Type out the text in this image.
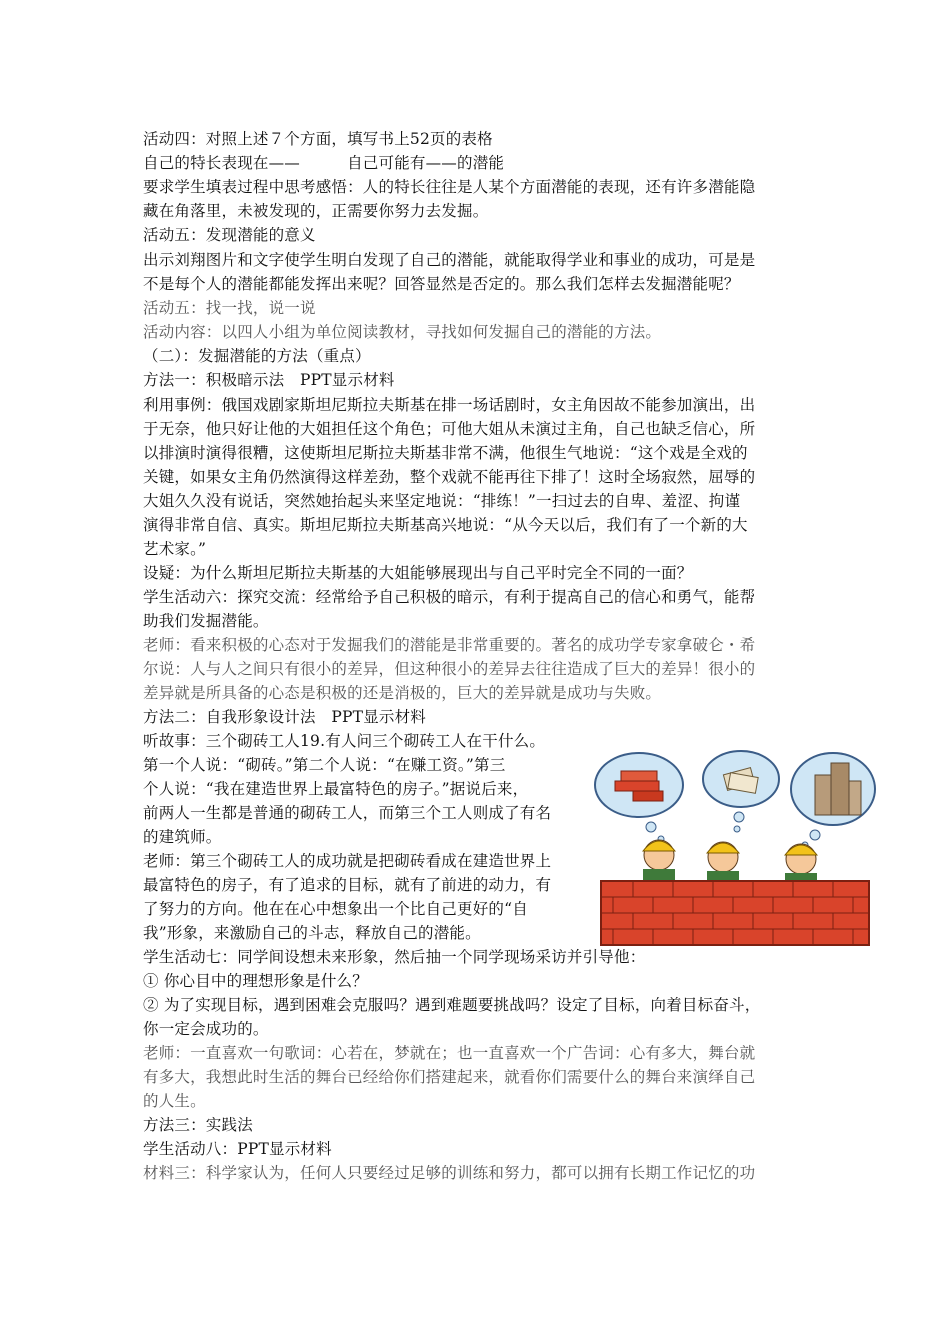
活动四：对照上述７个方面，填写书上52页的表格
自己的特长表现在——　　　自己可能有——的潜能
要求学生填表过程中思考感悟：人的特长往往是人某个方面潜能的表现，还有许多潜能隐
藏在角落里，未被发现的，正需要你努力去发掘。
活动五：发现潜能的意义
出示刘翔图片和文字使学生明白发现了自己的潜能，就能取得学业和事业的成功，可是是
不是每个人的潜能都能发挥出来呢？回答显然是否定的。那么我们怎样去发掘潜能呢？
活动五：找一找，说一说
活动内容：以四人小组为单位阅读教材，寻找如何发掘自己的潜能的方法。
（二）：发掘潜能的方法（重点）
方法一：积极暗示法　PPT显示材料
利用事例：俄国戏剧家斯坦尼斯拉夫斯基在排一场话剧时，女主角因故不能参加演出，出
于无奈，他只好让他的大姐担任这个角色；可他大姐从未演过主角，自己也缺乏信心，所
以排演时演得很糟，这使斯坦尼斯拉夫斯基非常不满，他很生气地说：“这个戏是全戏的
关键，如果女主角仍然演得这样差劲，整个戏就不能再往下排了！这时全场寂然，屈辱的
大姐久久没有说话，突然她抬起头来坚定地说：“排练！”一扫过去的自卑、羞涩、拘谨
演得非常自信、真实。斯坦尼斯拉夫斯基高兴地说：“从今天以后，我们有了一个新的大
艺术家。”
设疑：为什么斯坦尼斯拉夫斯基的大姐能够展现出与自己平时完全不同的一面？
学生活动六：探究交流：经常给予自己积极的暗示，有利于提高自己的信心和勇气，能帮
助我们发掘潜能。
老师：看来积极的心态对于发掘我们的潜能是非常重要的。著名的成功学专家拿破仑・希
尔说：人与人之间只有很小的差异，但这种很小的差异去往往造成了巨大的差异！很小的
差异就是所具备的心态是积极的还是消极的，巨大的差异就是成功与失败。
方法二：自我形象设计法　PPT显示材料
听故事：三个砌砖工人19.有人问三个砌砖工人在干什么。
第一个人说：“砌砖。”第二个人说：“在赚工资。”第三
个人说：“我在建造世界上最富特色的房子。”据说后来，
前两人一生都是普通的砌砖工人，而第三个工人则成了有名
的建筑师。
老师：第三个砌砖工人的成功就是把砌砖看成在建造世界上
最富特色的房子，有了追求的目标，就有了前进的动力，有
了努力的方向。他在在心中想象出一个比自己更好的“自
我”形象，来激励自己的斗志，释放自己的潜能。
学生活动七：同学间设想未来形象，然后抽一个同学现场采访并引导他：
① 你心目中的理想形象是什么？
② 为了实现目标，遇到困难会克服吗？遇到难题要挑战吗？设定了目标，向着目标奋斗，
你一定会成功的。
老师：一直喜欢一句歌词：心若在，梦就在；也一直喜欢一个广告词：心有多大，舞台就
有多大，我想此时生活的舞台已经给你们搭建起来，就看你们需要什么的舞台来演绎自己
的人生。
方法三：实践法
学生活动八：PPT显示材料
材料三：科学家认为，任何人只要经过足够的训练和努力，都可以拥有长期工作记忆的功
